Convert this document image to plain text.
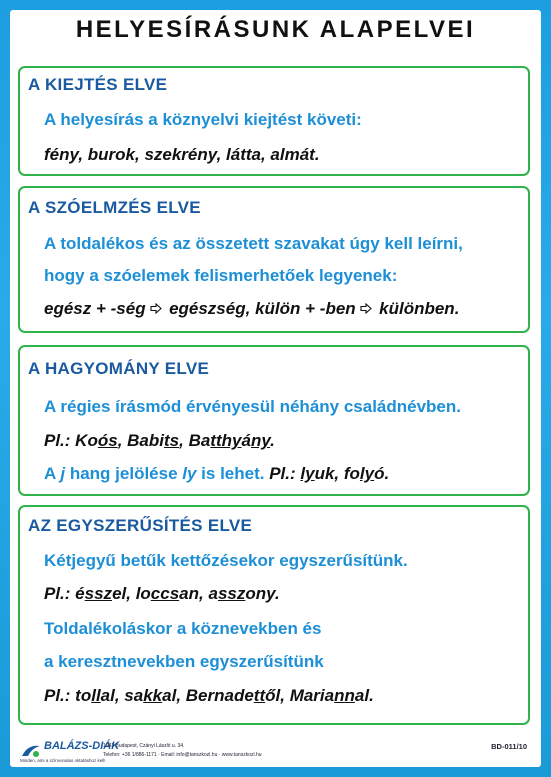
HELYESÍRÁSUNK ALAPELVEI
A KIEJTÉS ELVE
A helyesírás a köznyelvi kiejtést követi:
fény, burok, szekrény, látta, almát.
A SZÓELMZÉS ELVE
A toldalékos és az összetett szavakat úgy kell leírni,
hogy a szóelemek felismerhetőek legyenek:
egész + -ség egészség, külön + -ben különben.
A HAGYOMÁNY ELVE
A régies írásmód érvényesül néhány családnévben.
Pl.: Koós, Babits, Batthyány.
A j hang jelölése ly is lehet. Pl.: lyuk, folyó.
AZ EGYSZERŰSÍTÉS ELVE
Kétjegyű betűk kettőzésekor egyszerűsítünk.
Pl.: ésszel, loccsan, asszony.
Toldalékoláskor a köznevekben és
a keresztnevekben egyszerűsítünk
Pl.: tollal, sakkal, Bernadettől, Mariannal.
BALÁZS-DIÁK
Minden, ami a színvonalas oktatáshoz kell!
1043 Budapest, Czányi László u. 34.
Telefon: +36 1/886-1171 · Email: info@tanszkozl.hu · www.tanszkozl.hu
BD-011/10
